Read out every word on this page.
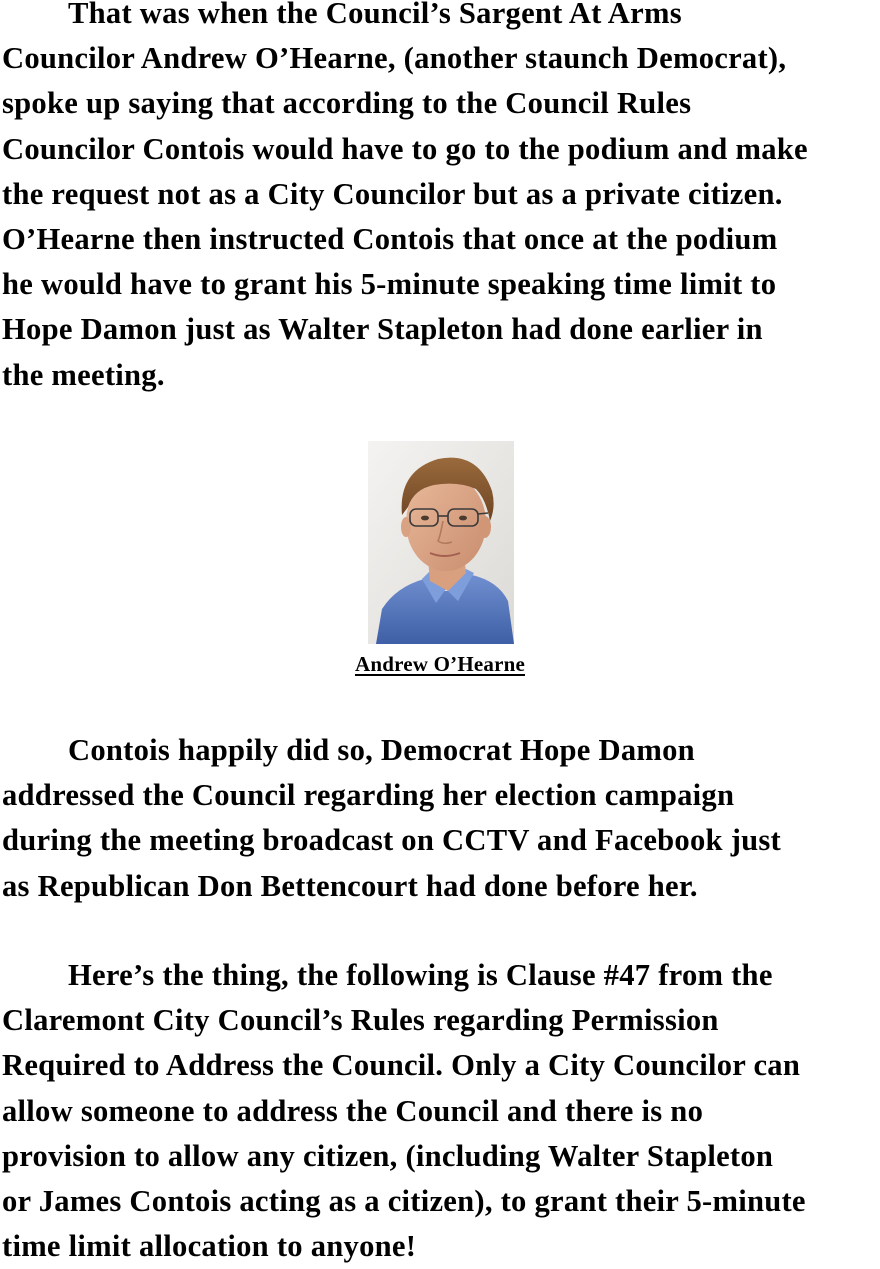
That was when the Council’s Sargent At Arms
Councilor Andrew O’Hearne, (another staunch Democrat),
spoke up saying that according to the Council Rules
Councilor Contois would have to go to the podium and make
the request not as a City Councilor but as a private citizen.
O’Hearne then instructed Contois that once at the podium
he would have to grant his 5-minute speaking time limit to
Hope Damon just as Walter Stapleton had done earlier in
the meeting.

Andrew O’Hearne

Contois happily did so, Democrat Hope Damon
addressed the Council regarding her election campaign
during the meeting broadcast on CCTV and Facebook just
as Republican Don Bettencourt had done before her.

Here’s the thing, the following is Clause #47 from the
Claremont City Council’s Rules regarding Permission
Required to Address the Council. Only a City Councilor can
allow someone to address the Council and there is no
provision to allow any citizen, (including Walter Stapleton
or James Contois acting as a citizen), to grant their 5-minute
time limit allocation to anyone!
